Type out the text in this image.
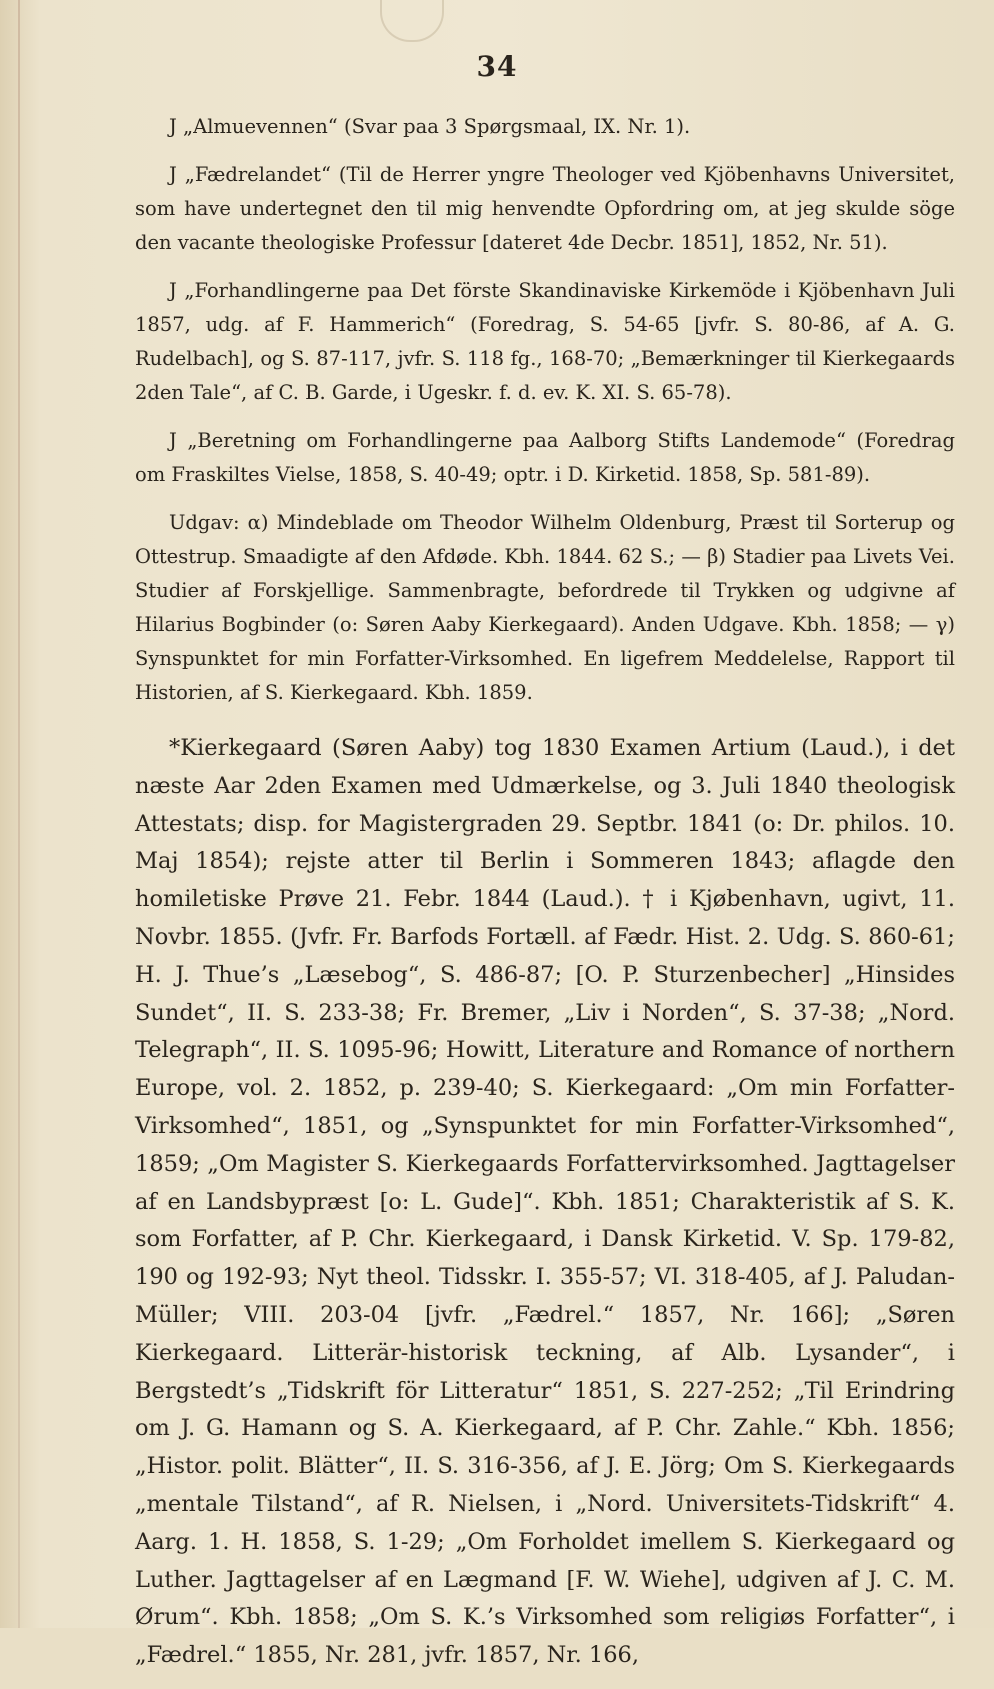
34

J „Almuevennen“ (Svar paa 3 Spørgsmaal, IX. Nr. 1).

J „Fædrelandet“ (Til de Herrer yngre Theologer ved Kjöbenhavns Universitet, som have undertegnet den til mig henvendte Opfordring om, at jeg skulde söge den vacante theologiske Professur [dateret 4de Decbr. 1851], 1852, Nr. 51).

J „Forhandlingerne paa Det förste Skandinaviske Kirkemöde i Kjöbenhavn Juli 1857, udg. af F. Hammerich“ (Foredrag, S. 54-65 [jvfr. S. 80-86, af A. G. Rudelbach], og S. 87-117, jvfr. S. 118 fg., 168-70; „Bemærkninger til Kierkegaards 2den Tale“, af C. B. Garde, i Ugeskr. f. d. ev. K. XI. S. 65-78).

J „Beretning om Forhandlingerne paa Aalborg Stifts Landemode“ (Foredrag om Fraskiltes Vielse, 1858, S. 40-49; optr. i D. Kirketid. 1858, Sp. 581-89).

Udgav: α) Mindeblade om Theodor Wilhelm Oldenburg, Præst til Sorterup og Ottestrup. Smaadigte af den Afdøde. Kbh. 1844. 62 S.; — β) Stadier paa Livets Vei. Studier af Forskjellige. Sammenbragte, befordrede til Trykken og udgivne af Hilarius Bogbinder (o: Søren Aaby Kierkegaard). Anden Udgave. Kbh. 1858; — γ) Synspunktet for min Forfatter-Virksomhed. En ligefrem Meddelelse, Rapport til Historien, af S. Kierkegaard. Kbh. 1859.

*Kierkegaard (Søren Aaby) tog 1830 Examen Artium (Laud.), i det næste Aar 2den Examen med Udmærkelse, og 3. Juli 1840 theologisk Attestats; disp. for Magistergraden 29. Septbr. 1841 (o: Dr. philos. 10. Maj 1854); rejste atter til Berlin i Sommeren 1843; aflagde den homiletiske Prøve 21. Febr. 1844 (Laud.). † i Kjøbenhavn, ugivt, 11. Novbr. 1855. (Jvfr. Fr. Barfods Fortæll. af Fædr. Hist. 2. Udg. S. 860-61; H. J. Thue’s „Læsebog“, S. 486-87; [O. P. Sturzenbecher] „Hinsides Sundet“, II. S. 233-38; Fr. Bremer, „Liv i Norden“, S. 37-38; „Nord. Telegraph“, II. S. 1095-96; Howitt, Literature and Romance of northern Europe, vol. 2. 1852, p. 239-40; S. Kierkegaard: „Om min Forfatter-Virksomhed“, 1851, og „Synspunktet for min Forfatter-Virksomhed“, 1859; „Om Magister S. Kierkegaards Forfattervirksomhed. Jagttagelser af en Landsbypræst [o: L. Gude]“. Kbh. 1851; Charakteristik af S. K. som Forfatter, af P. Chr. Kierkegaard, i Dansk Kirketid. V. Sp. 179-82, 190 og 192-93; Nyt theol. Tidsskr. I. 355-57; VI. 318-405, af J. Paludan-Müller; VIII. 203-04 [jvfr. „Fædrel.“ 1857, Nr. 166]; „Søren Kierkegaard. Litterär-historisk teckning, af Alb. Lysander“, i Bergstedt’s „Tidskrift för Litteratur“ 1851, S. 227-252; „Til Erindring om J. G. Hamann og S. A. Kierkegaard, af P. Chr. Zahle.“ Kbh. 1856; „Histor. polit. Blätter“, II. S. 316-356, af J. E. Jörg; Om S. Kierkegaards „mentale Tilstand“, af R. Nielsen, i „Nord. Universitets-Tidskrift“ 4. Aarg. 1. H. 1858, S. 1-29; „Om Forholdet imellem S. Kierkegaard og Luther. Jagttagelser af en Lægmand [F. W. Wiehe], udgiven af J. C. M. Ørum“. Kbh. 1858; „Om S. K.’s Virksomhed som religiøs Forfatter“, i „Fædrel.“ 1855, Nr. 281, jvfr. 1857, Nr. 166,
